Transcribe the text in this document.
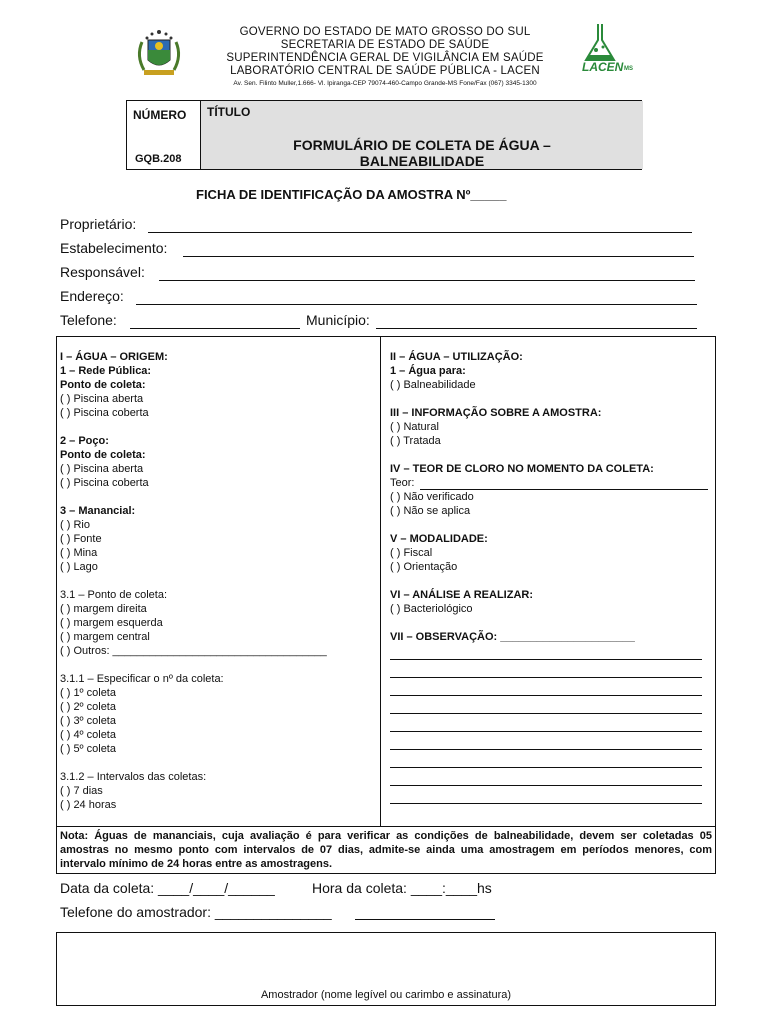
GOVERNO DO ESTADO DE MATO GROSSO DO SUL
SECRETARIA DE ESTADO DE SAÚDE
SUPERINTENDÊNCIA GERAL DE VIGILÂNCIA EM SAÚDE
LABORATÓRIO CENTRAL DE SAÚDE PÚBLICA - LACEN
Av. Sen. Filinto Muller,1.666- Vl. Ipiranga-CEP 79074-460-Campo Grande-MS Fone/Fax (067) 3345-1300
LACEN MS
NÚMERO
GQB.208
TÍTULO
FORMULÁRIO DE COLETA DE ÁGUA –
BALNEABILIDADE
FICHA DE IDENTIFICAÇÃO DA AMOSTRA Nº_____
Proprietário:
Estabelecimento:
Responsável:
Endereço:
Telefone:	Município:
I – ÁGUA – ORIGEM:
1 – Rede Pública:
Ponto de coleta:
( ) Piscina aberta
( ) Piscina coberta
2 – Poço:
Ponto de coleta:
( ) Piscina aberta
( ) Piscina coberta
3 – Manancial:
( ) Rio
( ) Fonte
( ) Mina
( ) Lago
3.1 – Ponto de coleta:
( ) margem direita
( ) margem esquerda
( ) margem central
( ) Outros: ___________________________________
3.1.1 – Especificar o nº da coleta:
( ) 1º coleta
( ) 2º coleta
( ) 3º coleta
( ) 4º coleta
( ) 5º coleta
3.1.2 – Intervalos das coletas:
( ) 7 dias
( ) 24 horas
II – ÁGUA – UTILIZAÇÃO:
1 – Água para:
( ) Balneabilidade
III – INFORMAÇÃO SOBRE A AMOSTRA:
( ) Natural
( ) Tratada
IV – TEOR DE CLORO NO MOMENTO DA COLETA:
Teor:
( ) Não verificado
( ) Não se aplica
V – MODALIDADE:
( ) Fiscal
( ) Orientação
VI – ANÁLISE A REALIZAR:
( ) Bacteriológico
VII – OBSERVAÇÃO: ______________________
Nota: Águas de mananciais, cuja avaliação é para verificar as condições de balneabilidade, devem ser coletadas 05 amostras no mesmo ponto com intervalos de 07 dias, admite-se ainda uma amostragem em períodos menores, com intervalo mínimo de 24 horas entre as amostragens.
Data da coleta: ____/____/______	Hora da coleta: ____:____hs
Telefone do amostrador: _______________
Amostrador (nome legível ou carimbo e assinatura)
